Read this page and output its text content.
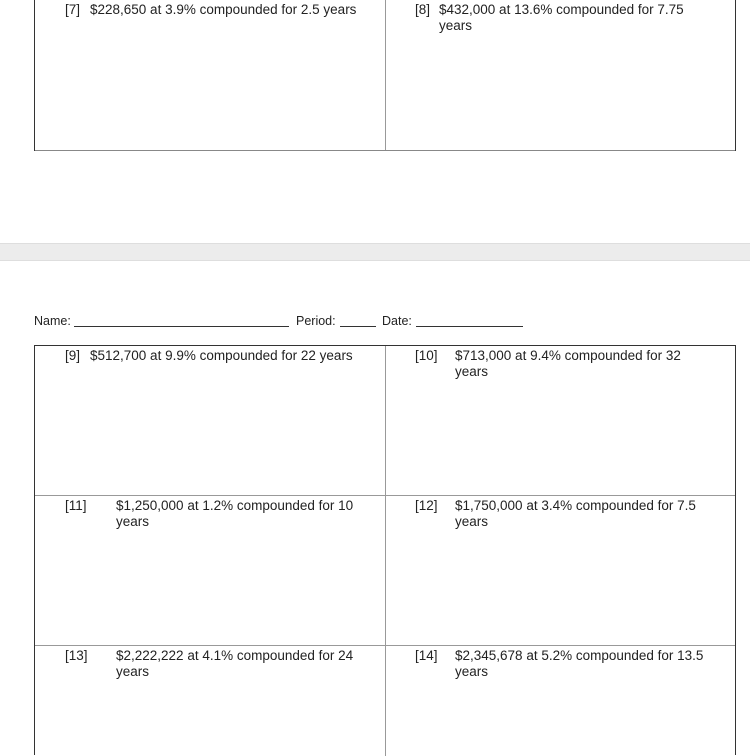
[7] $228,650 at 3.9% compounded for 2.5 years	[8] $432,000 at 13.6% compounded for 7.75
years
Name:	Period:	Date:
[9] $512,700 at 9.9% compounded for 22 years	[10] $713,000 at 9.4% compounded for 32
years
[11] $1,250,000 at 1.2% compounded for 10
years
[12] $1,750,000 at 3.4% compounded for 7.5
years
[13] $2,222,222 at 4.1% compounded for 24
years
[14] $2,345,678 at 5.2% compounded for 13.5
years
